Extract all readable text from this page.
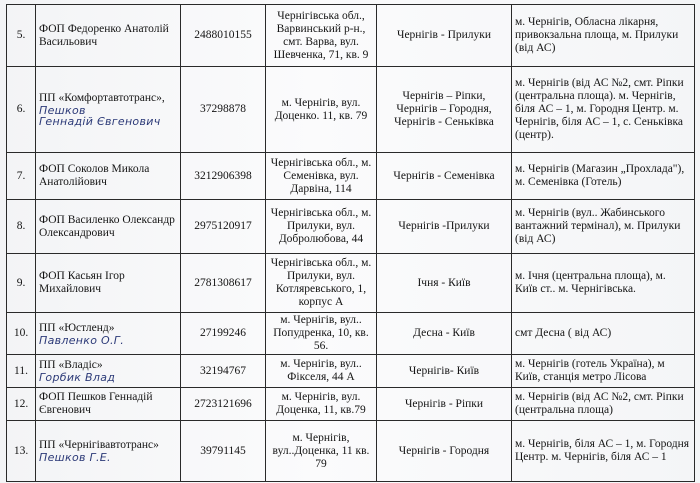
5.	ФОП Федоренко Анатолій Васильович	2488010155	Чернігівська обл., Варвинський р-н., смт. Варва, вул. Шевченка, 71, кв. 9	Чернігів - Прилуки	м. Чернігів, Обласна лікарня, привокзальна площа, м. Прилуки (від АС)
6.	ПП «Комфортавтотранс»,
Пешков
Геннадій Євгенович	37298878	м. Чернігів, вул. Доценко. 11, кв. 79	Чернігів – Ріпки,
Чернігів – Городня,
Чернігів - Сеньківка	м. Чернігів (від АС №2, смт. Ріпки (центральна площа). м. Чернігів, біля АС – 1, м. Городня Центр. м. Чернігів, біля АС – 1, с. Сеньківка (центр).
7.	ФОП Соколов Микола Анатолійович	3212906398	Чернігівська обл., м. Семенівка, вул. Дарвіна, 114	Чернігів - Семенівка	м. Чернігів (Магазин „Прохлада"), м. Семенівка (Готель)
8.	ФОП Василенко Олександр Олександрович	2975120917	Чернігівська обл., м. Прилуки, вул. Добролюбова, 44	Чернігів -Прилуки	м. Чернігів (вул.. Жабинського вантажний термінал), м. Прилуки (від АС)
9.	ФОП Касьян Ігор Михайлович	2781308617	Чернігівська обл., м. Прилуки, вул. Котляревського, 1, корпус А	Ічня - Київ	м. Ічня (центральна площа), м. Київ ст.. м. Чернігівська.
10.	ПП «Юстленд»
Павленко О.Г.	27199246	м. Чернігів, вул.. Попудренка, 10, кв. 56.	Десна - Київ	смт Десна ( від АС)
11.	ПП «Владіс»
Горбик Влад	32194767	м. Чернігів, вул.. Фікселя, 44 А	Чернігів- Київ	м. Чернігів (готель Україна), м Київ, станція метро Лісова
12.	ФОП Пешков Геннадій Євгенович	2723121696	м. Чернігів, вул. Доценка, 11, кв.79	Чернігів - Ріпки	м. Чернігів (від АС №2, смт. Ріпки (центральна площа)
13.	ПП «Чернігівавтотранс»
Пешков Г.Е.	39791145	м. Чернігів, вул..Доценка, 11 кв. 79	Чернігів - Городня	м. Чернігів, біля АС – 1, м. Городня Центр. м. Чернігів, біля АС – 1
